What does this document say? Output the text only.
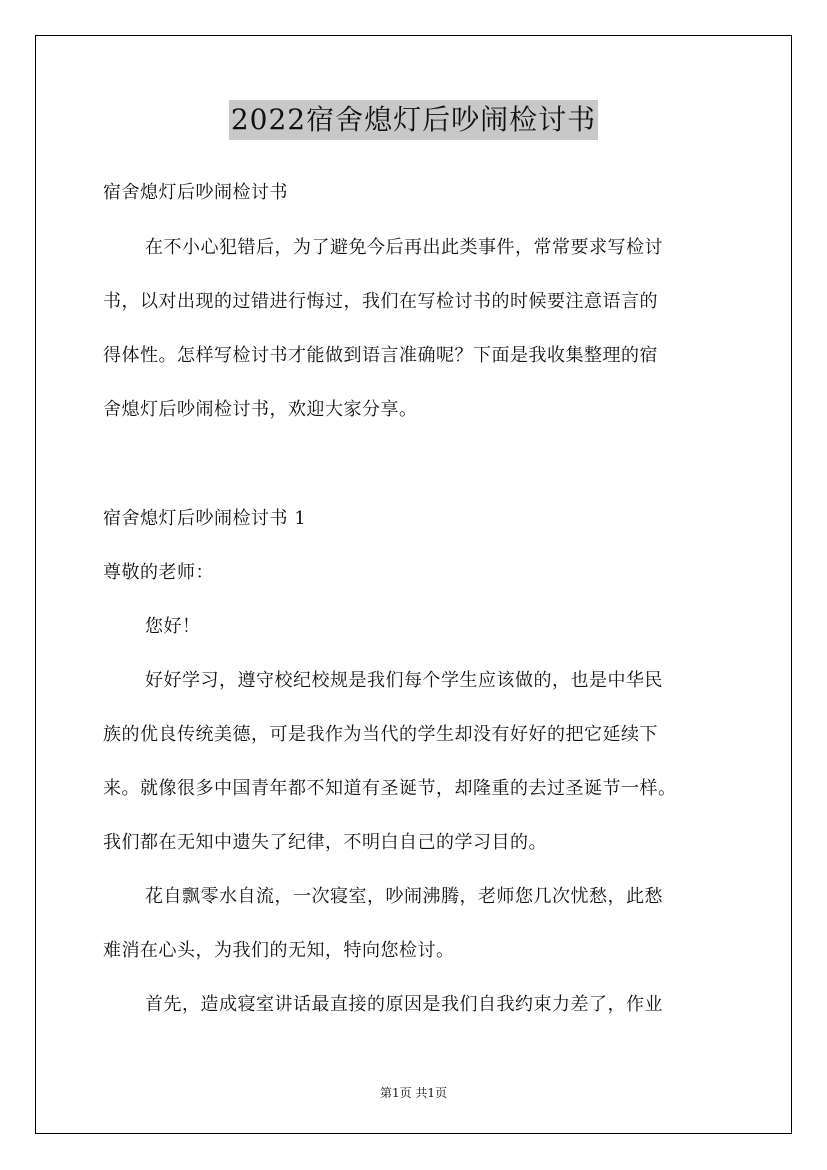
2022宿舍熄灯后吵闹检讨书
宿舍熄灯后吵闹检讨书
在不小心犯错后，为了避免今后再出此类事件，常常要求写检讨
书，以对出现的过错进行悔过，我们在写检讨书的时候要注意语言的
得体性。怎样写检讨书才能做到语言准确呢？下面是我收集整理的宿
舍熄灯后吵闹检讨书，欢迎大家分享。
宿舍熄灯后吵闹检讨书 1
尊敬的老师：
您好！
好好学习，遵守校纪校规是我们每个学生应该做的，也是中华民
族的优良传统美德，可是我作为当代的学生却没有好好的把它延续下
来。就像很多中国青年都不知道有圣诞节，却隆重的去过圣诞节一样。
我们都在无知中遗失了纪律，不明白自己的学习目的。
花自飘零水自流，一次寝室，吵闹沸腾，老师您几次忧愁，此愁
难消在心头，为我们的无知，特向您检讨。
首先，造成寝室讲话最直接的原因是我们自我约束力差了，作业
第1页 共1页
